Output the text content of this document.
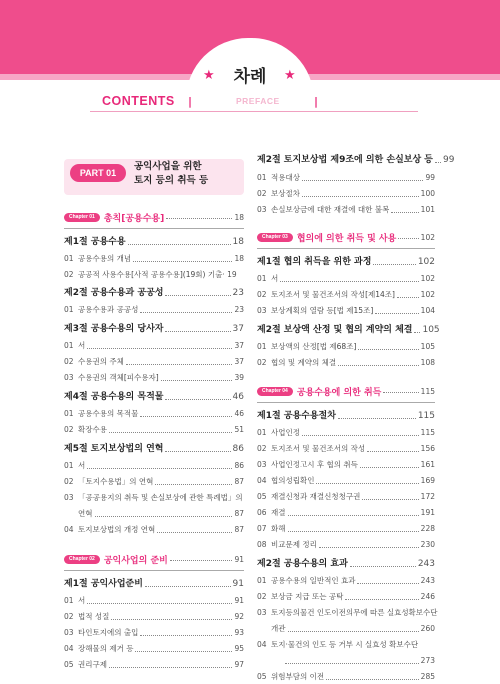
★	차례	★
CONTENTS |	PREFACE	|
PART 01
공익사업을 위한
토지 등의 취득 등
Chapter 01	총칙[공용수용]	18
제1절 공용수용	18
01 공용수용의 개념	18
02 공공적 사용수용[사적 공용수용](19회) 기출 · 19
제2절 공용수용과 공공성	23
01 공용수용과 공공성	23
제3절 공용수용의 당사자	37
01 서	37
02 수용권의 주체	37
03 수용권의 객체[피수용자]	39
제4절 공용수용의 목적물	46
01 공용수용의 목적물	46
02 확장수용	51
제5절 토지보상법의 연혁	86
01 서	86
02 「토지수용법」의 연혁	87
03 「공공용지의 취득 및 손실보상에 관한 특례법」의
연혁	87
04 토지보상법의 개정 연혁	87
Chapter 02	공익사업의 준비	91
제1절 공익사업준비	91
01 서	91
02 법적 성질	92
03 타인토지에의 출입	93
04 장해물의 제거 등	95
05 권리구제	97
제2절 토지보상법 제9조에 의한 손실보상 등 99
01 적용대상	99
02 보상절차	100
03 손실보상금에 대한 재결에 대한 불복	101
Chapter 03	협의에 의한 취득 및 사용	102
제1절 협의 취득을 위한 과정	102
01 서	102
02 토지조서 및 물건조서의 작성[제14조]	102
03 보상계획의 열람 등[법 제15조]	104
제2절 보상액 산정 및 협의 계약의 체결 105
01 보상액의 산정[법 제68조]	105
02 협의 및 계약의 체결	108
Chapter 04	공용수용에 의한 취득	115
제1절 공용수용절차	115
01 사업인정	115
02 토지조서 및 물건조서의 작성	156
03 사업인정고시 후 협의 취득	161
04 협의성립확인	169
05 재결신청과 재결신청청구권	172
06 재결	191
07 화해	228
08 비교문제 정리	230
제2절 공용수용의 효과	243
01 공용수용의 일반적인 효과	243
02 보상금 지급 또는 공탁	246
03 토지등의물건 인도이전의무에 따른 실효성확보수단
개관	260
04 토지·물건의 인도 등 거부 시 실효성 확보수단
273
05 위험부담의 이전	285
